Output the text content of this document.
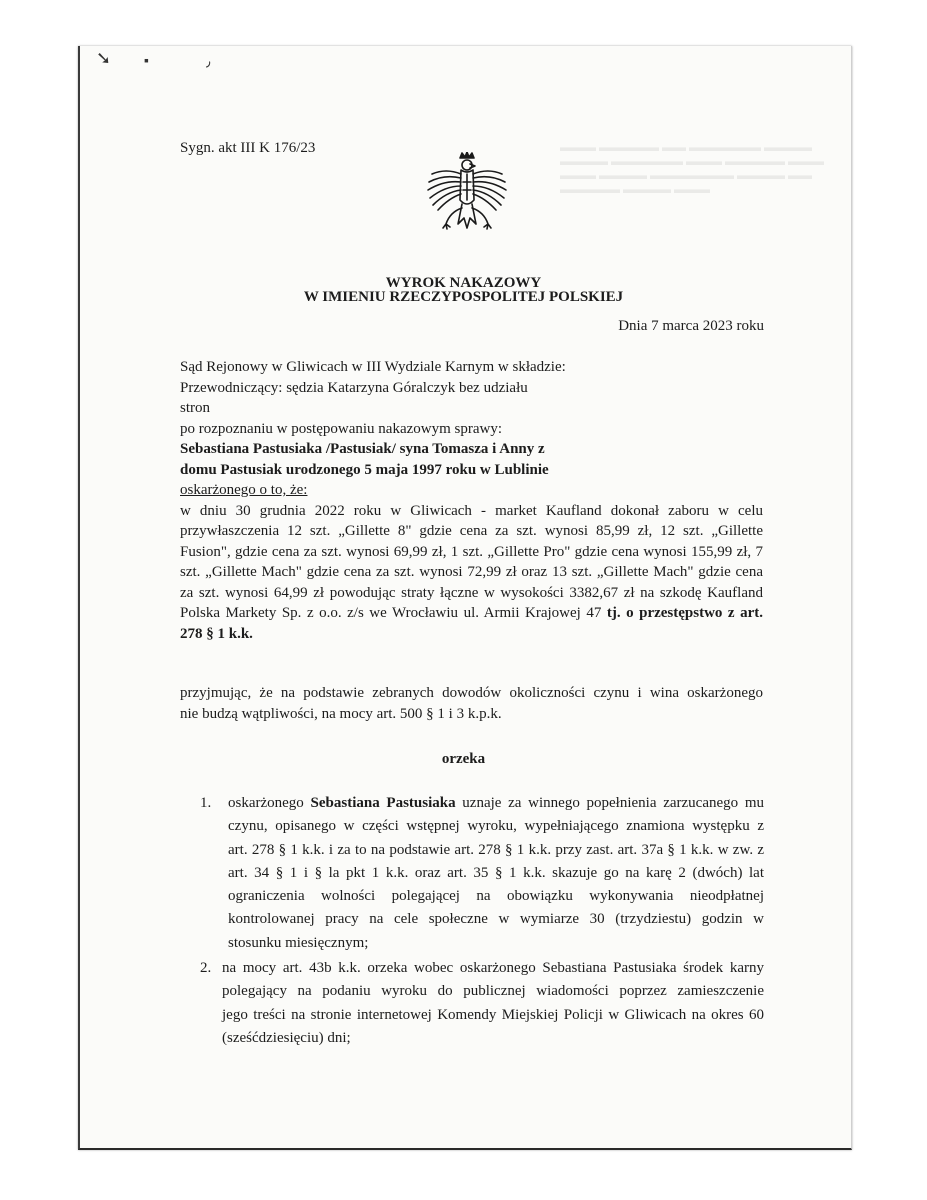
➘ ▪	٫
▬▬▬ ▬▬▬▬▬ ▬▬ ▬▬▬▬▬▬ ▬▬▬▬
▬▬▬▬ ▬▬▬▬▬▬ ▬▬▬ ▬▬▬▬▬ ▬▬▬
▬▬▬ ▬▬▬▬ ▬▬▬▬▬▬▬ ▬▬▬▬ ▬▬
▬▬▬▬▬ ▬▬▬▬ ▬▬▬
Sygn. akt III K 176/23
WYROK NAKAZOWY
W IMIENIU RZECZYPOSPOLITEJ POLSKIEJ
Dnia 7 marca 2023 roku
Sąd Rejonowy w Gliwicach w III Wydziale Karnym w składzie:
Przewodniczący: sędzia Katarzyna Góralczyk bez udziału
stron
po rozpoznaniu w postępowaniu nakazowym sprawy:
Sebastiana Pastusiaka /Pastusiak/ syna Tomasza i Anny z
domu Pastusiak urodzonego 5 maja 1997 roku w Lublinie
oskarżonego o to, że:
w dniu 30 grudnia 2022 roku w Gliwicach - market Kaufland dokonał zaboru w celu
przywłaszczenia 12 szt. „Gillette 8" gdzie cena za szt. wynosi 85,99 zł, 12 szt. „Gillette
Fusion", gdzie cena za szt. wynosi 69,99 zł, 1 szt. „Gillette Pro" gdzie cena wynosi 155,99 zł, 7
szt. „Gillette Mach" gdzie cena za szt. wynosi 72,99 zł oraz 13 szt. „Gillette Mach" gdzie cena
za szt. wynosi 64,99 zł powodując straty łączne w wysokości 3382,67 zł na szkodę Kaufland
Polska Markety Sp. z o.o. z/s we Wrocławiu ul. Armii Krajowej 47 tj. o przestępstwo z art.
278 § 1 k.k.
przyjmując, że na podstawie zebranych dowodów okoliczności czynu i wina oskarżonego
nie budzą wątpliwości, na mocy art. 500 § 1 i 3 k.p.k.
orzeka
1. oskarżonego Sebastiana Pastusiaka uznaje za winnego popełnienia zarzucanego mu
czynu, opisanego w części wstępnej wyroku, wypełniającego znamiona występku z
art. 278 § 1 k.k. i za to na podstawie art. 278 § 1 k.k. przy zast. art. 37a § 1 k.k. w zw. z
art. 34 § 1 i § la pkt 1 k.k. oraz art. 35 § 1 k.k. skazuje go na karę 2 (dwóch) lat
ograniczenia wolności polegającej na obowiązku wykonywania nieodpłatnej
kontrolowanej pracy na cele społeczne w wymiarze 30 (trzydziestu) godzin w
stosunku miesięcznym;
2. na mocy art. 43b k.k. orzeka wobec oskarżonego Sebastiana Pastusiaka środek karny
polegający na podaniu wyroku do publicznej wiadomości poprzez zamieszczenie
jego treści na stronie internetowej Komendy Miejskiej Policji w Gliwicach na okres 60
(sześćdziesięciu) dni;
